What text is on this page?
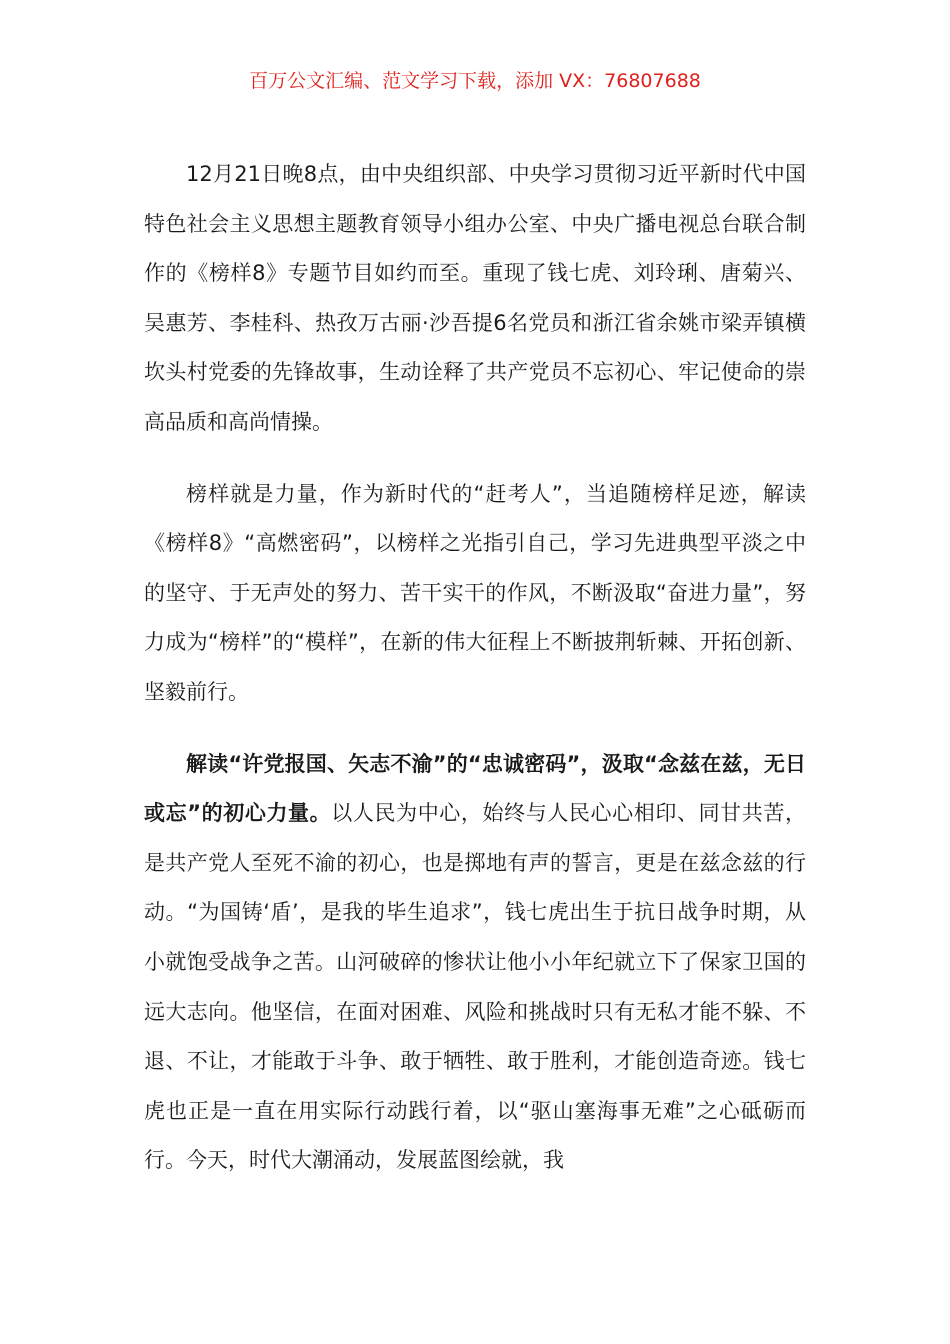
百万公文汇编、范文学习下载，添加 VX：76807688

12月21日晚8点，由中央组织部、中央学习贯彻习近平新时代中国特色社会主义思想主题教育领导小组办公室、中央广播电视总台联合制作的《榜样8》专题节目如约而至。重现了钱七虎、刘玲琍、唐菊兴、吴惠芳、李桂科、热孜万古丽·沙吾提6名党员和浙江省余姚市梁弄镇横坎头村党委的先锋故事，生动诠释了共产党员不忘初心、牢记使命的崇高品质和高尚情操。

榜样就是力量，作为新时代的“赶考人”，当追随榜样足迹，解读《榜样8》“高燃密码”，以榜样之光指引自己，学习先进典型平淡之中的坚守、于无声处的努力、苦干实干的作风，不断汲取“奋进力量”，努力成为“榜样”的“模样”，在新的伟大征程上不断披荆斩棘、开拓创新、坚毅前行。

解读“许党报国、矢志不渝”的“忠诚密码”，汲取“念兹在兹，无日或忘”的初心力量。以人民为中心，始终与人民心心相印、同甘共苦，是共产党人至死不渝的初心，也是掷地有声的誓言，更是在兹念兹的行动。“为国铸‘盾’，是我的毕生追求”，钱七虎出生于抗日战争时期，从小就饱受战争之苦。山河破碎的惨状让他小小年纪就立下了保家卫国的远大志向。他坚信，在面对困难、风险和挑战时只有无私才能不躲、不退、不让，才能敢于斗争、敢于牺牲、敢于胜利，才能创造奇迹。钱七虎也正是一直在用实际行动践行着，以“驱山塞海事无难”之心砥砺而行。今天，时代大潮涌动，发展蓝图绘就，我
